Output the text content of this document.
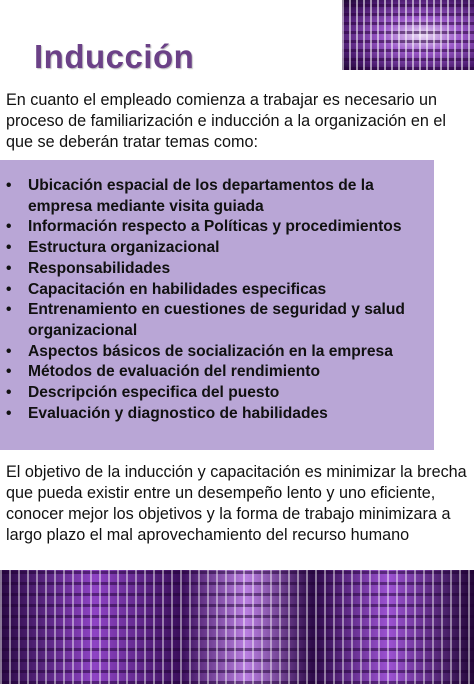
Inducción

En cuanto el empleado comienza a trabajar es necesario un proceso de familiarización e inducción a la organización en el que se deberán tratar temas como:

• Ubicación espacial de los departamentos de la empresa mediante visita guiada
• Información respecto a Políticas y procedimientos
• Estructura organizacional
• Responsabilidades
• Capacitación en habilidades especificas
• Entrenamiento en cuestiones de seguridad y salud organizacional
• Aspectos básicos de socialización en la empresa
• Métodos de evaluación del rendimiento
• Descripción especifica del puesto
• Evaluación y diagnostico de habilidades

El objetivo de la inducción y capacitación es minimizar la brecha que pueda existir entre un desempeño lento y uno eficiente, conocer mejor los objetivos y la forma de trabajo minimizara a largo plazo el mal aprovechamiento del recurso humano
